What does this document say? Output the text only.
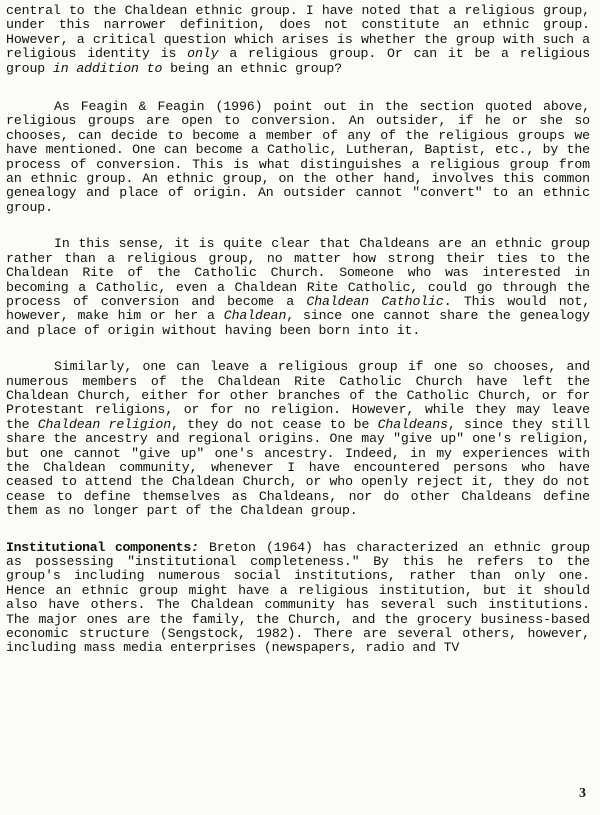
central to the Chaldean ethnic group. I have noted that a religious group, under this narrower definition, does not constitute an ethnic group. However, a critical question which arises is whether the group with such a religious identity is only a religious group. Or can it be a religious group in addition to being an ethnic group?

As Feagin & Feagin (1996) point out in the section quoted above, religious groups are open to conversion. An outsider, if he or she so chooses, can decide to become a member of any of the religious groups we have mentioned. One can become a Catholic, Lutheran, Baptist, etc., by the process of conversion. This is what distinguishes a religious group from an ethnic group. An ethnic group, on the other hand, involves this common genealogy and place of origin. An outsider cannot "convert" to an ethnic group.

In this sense, it is quite clear that Chaldeans are an ethnic group rather than a religious group, no matter how strong their ties to the Chaldean Rite of the Catholic Church. Someone who was interested in becoming a Catholic, even a Chaldean Rite Catholic, could go through the process of conversion and become a Chaldean Catholic. This would not, however, make him or her a Chaldean, since one cannot share the genealogy and place of origin without having been born into it.

Similarly, one can leave a religious group if one so chooses, and numerous members of the Chaldean Rite Catholic Church have left the Chaldean Church, either for other branches of the Catholic Church, or for Protestant religions, or for no religion. However, while they may leave the Chaldean religion, they do not cease to be Chaldeans, since they still share the ancestry and regional origins. One may "give up" one's religion, but one cannot "give up" one's ancestry. Indeed, in my experiences with the Chaldean community, whenever I have encountered persons who have ceased to attend the Chaldean Church, or who openly reject it, they do not cease to define themselves as Chaldeans, nor do other Chaldeans define them as no longer part of the Chaldean group.

Institutional components: Breton (1964) has characterized an ethnic group as possessing "institutional completeness." By this he refers to the group's including numerous social institutions, rather than only one. Hence an ethnic group might have a religious institution, but it should also have others. The Chaldean community has several such institutions. The major ones are the family, the Church, and the grocery business-based economic structure (Sengstock, 1982). There are several others, however, including mass media enterprises (newspapers, radio and TV

3
